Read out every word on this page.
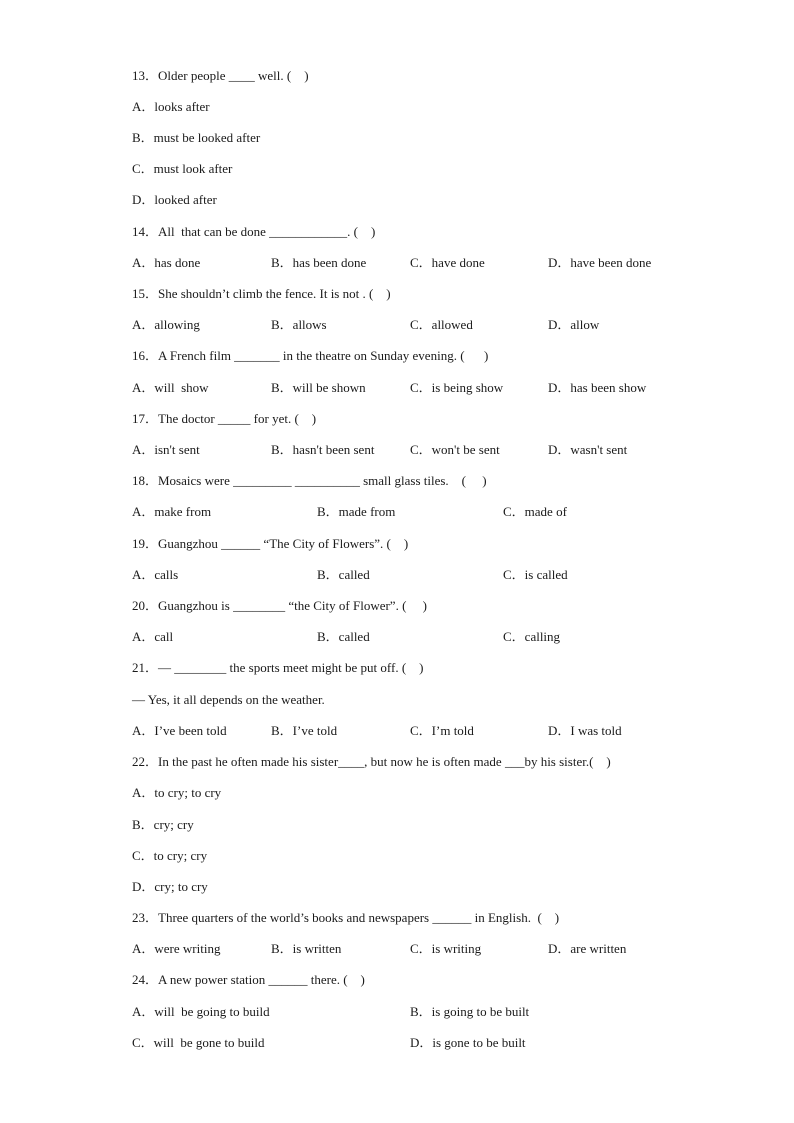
13．Older people ____ well. (    )
A．looks after
B．must be looked after
C．must look after
D．looked after
14．All  that can be done ____________. (    )

A．has done

	B．has been done

	C．have done

	D．have been done

15．She shouldn’t climb the fence. It is not . (    )

A．allowing

	B．allows

	C．allowed

	D．allow

16．A French film _______ in the theatre on Sunday evening. (      )

A．will  show

	B．will be shown

	C．is being show

	D．has been show

17．The doctor _____ for yet. (    )

A．isn't sent

	B．hasn't been sent

	C．won't be sent

	D．wasn't sent

18．Mosaics were _________ __________ small glass tiles.    (     )

A．make from

	B．made from

	C．made of

19．Guangzhou ______ “The City of Flowers”. (    )

A．calls

	B．called

	C．is called

20．Guangzhou is ________ “the City of Flower”. (     )

A．call

	B．called

	C．calling

21．— ________ the sports meet might be put off. (    )
— Yes, it all depends on the weather.

A．I’ve been told

	B．I’ve told

	C．I’m told

	D．I was told

22．In the past he often made his sister____, but now he is often made ___by his sister.(    )
A．to cry; to cry
B．cry; cry
C．to cry; cry
D．cry; to cry
23．Three quarters of the world’s books and newspapers ______ in English.  (    )

A．were writing

	B．is written

	C．is writing

	D．are written

24．A new power station ______ there. (    )

A．will  be going to build

	B．is going to be built

C．will  be gone to build

	D．is gone to be built
